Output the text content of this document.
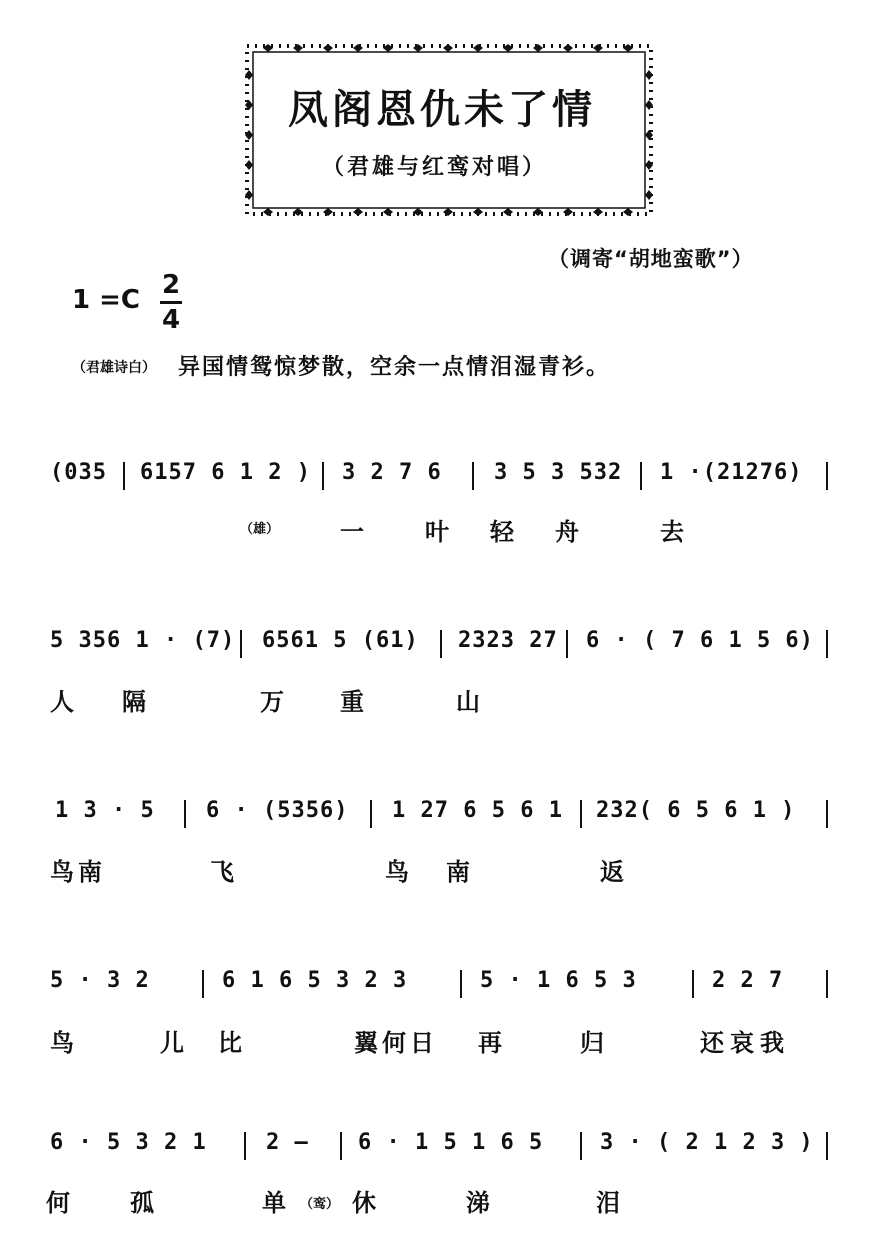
凤阁恩仇未了情
（君雄与红鸾对唱）
（调寄“胡地蛮歌”）
1 =C 2
4
（君雄诗白） 异国情鸳惊梦散，空余一点情泪湿青衫。
(035 6157 6 1 2 ) 3 2 7 6 3 5 3 532 1 ·(21276)
（雄）	一	叶 轻 舟	去
5 356 1 · (7) 6561 5 (61) 2323 27 6 · ( 7 6 1 5 6)
人 隔	万 重	山
1 3 · 5 6 · (5356) 1 27 6 5 6 1 232( 6 5 6 1 )
鸟南	飞	鸟 南	返
5 · 3 2	6 1 6 5 3 2 3	5 · 1 6 5 3	2 2 7
鸟	儿 比	翼何日 再	归	还哀我
6 · 5 3 2 1	2 — 6 · 1 5 1 6 5	3 · ( 2 1 2 3 )
何	孤	单 （鸾） 休	涕	泪
